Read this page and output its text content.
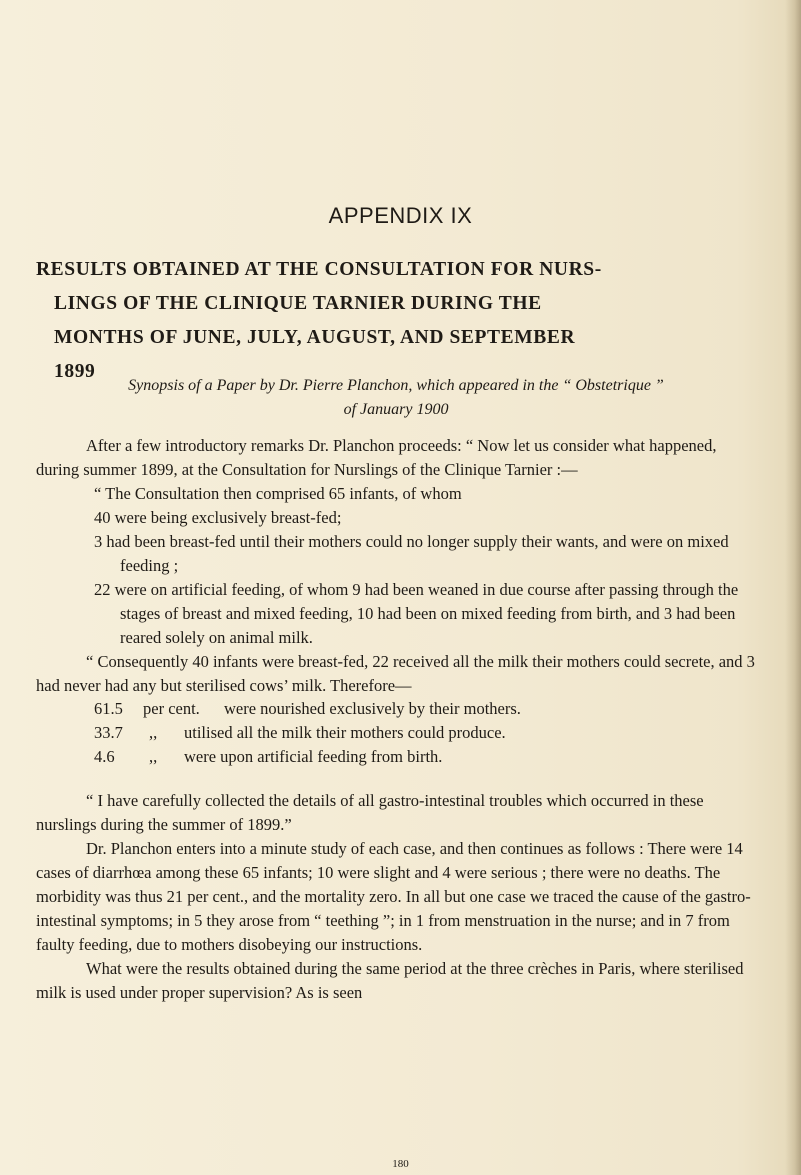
APPENDIX IX
RESULTS OBTAINED AT THE CONSULTATION FOR NURS-
LINGS OF THE CLINIQUE TARNIER DURING THE
MONTHS OF JUNE, JULY, AUGUST, AND SEPTEMBER
1899
Synopsis of a Paper by Dr. Pierre Planchon, which appeared in the “ Obstetrique ”
of January 1900

After a few introductory remarks Dr. Planchon proceeds: “ Now let us consider what happened, during summer 1899, at the Consultation for Nurslings of the Clinique Tarnier :—

“ The Consultation then comprised 65 infants, of whom

40 were being exclusively breast-fed;

3 had been breast-fed until their mothers could no longer supply their wants, and were on mixed feeding ;

22 were on artificial feeding, of whom 9 had been weaned in due course after passing through the stages of breast and mixed feeding, 10 had been on mixed feeding from birth, and 3 had been reared solely on animal milk.

“ Consequently 40 infants were breast-fed, 22 received all the milk their mothers could secrete, and 3 had never had any but sterilised cows’ milk. Therefore—

61.5 per cent. were nourished exclusively by their mothers.
33.7 ,, utilised all the milk their mothers could produce.
4.6 ,, were upon artificial feeding from birth.

“ I have carefully collected the details of all gastro-intestinal troubles which occurred in these nurslings during the summer of 1899.”

Dr. Planchon enters into a minute study of each case, and then continues as follows : There were 14 cases of diarrhœa among these 65 infants; 10 were slight and 4 were serious ; there were no deaths. The morbidity was thus 21 per cent., and the mortality zero. In all but one case we traced the cause of the gastro-intestinal symptoms; in 5 they arose from “ teething ”; in 1 from menstruation in the nurse; and in 7 from faulty feeding, due to mothers disobeying our instructions.

What were the results obtained during the same period at the three crèches in Paris, where sterilised milk is used under proper supervision? As is seen

180
